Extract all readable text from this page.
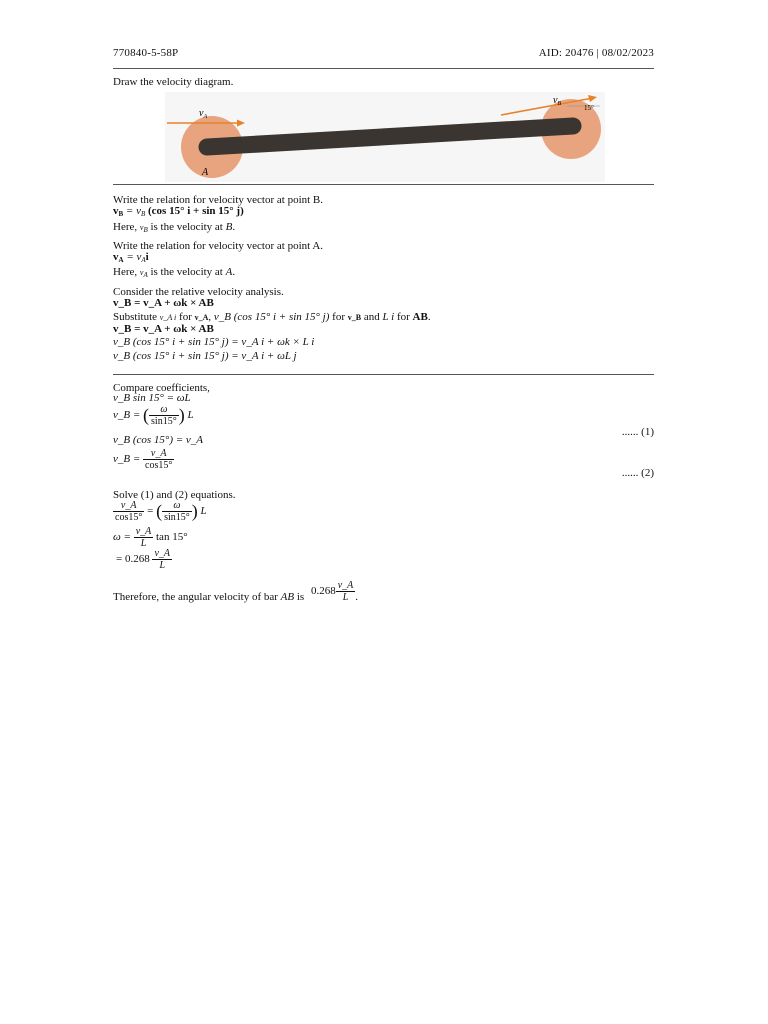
770840-5-58P	AID: 20476 | 08/02/2023
Draw the velocity diagram.
$v_A$
$v_B$	15°
A
Write the relation for velocity vector at point B.
$v_B = v_B$ (cos 15° i + sin 15° j)
Here, $v_B$ is the velocity at B.
Write the relation for velocity vector at point A.
$v_A = v_Ai$
Here, $v_A$ is the velocity at A.
Consider the relative velocity analysis.
v_B = v_A + ωk × AB
Substitute v_A i for v_A, v_B (cos 15° i + sin 15° j) for v_B and L i for AB.
v_B = v_A + ωk × AB
v_B (cos 15° i + sin 15° j) = v_A i + ωk × L i
v_B (cos 15° i + sin 15° j) = v_A i + ωL j
Compare coefficients,
v_B sin 15° = ωL
v_B = ( $\frac{\omega}{\sin 15^\circ}$ ) L
...... (1)
v_B (cos 15°) = v_A
v_B = $\frac{v\_A}{\cos 15^\circ}$
...... (2)
Solve (1) and (2) equations.
$\frac{v\_A}{\cos 15^\circ}$ = ( $\frac{\omega}{\sin 15^\circ}$ ) L
$\omega = \frac{v\_A}{L}$ tan 15°
= $0.268 \frac{v\_A}{L}$
Therefore, the angular velocity of bar AB is $0.268 \frac{v\_A}{L}$ .
